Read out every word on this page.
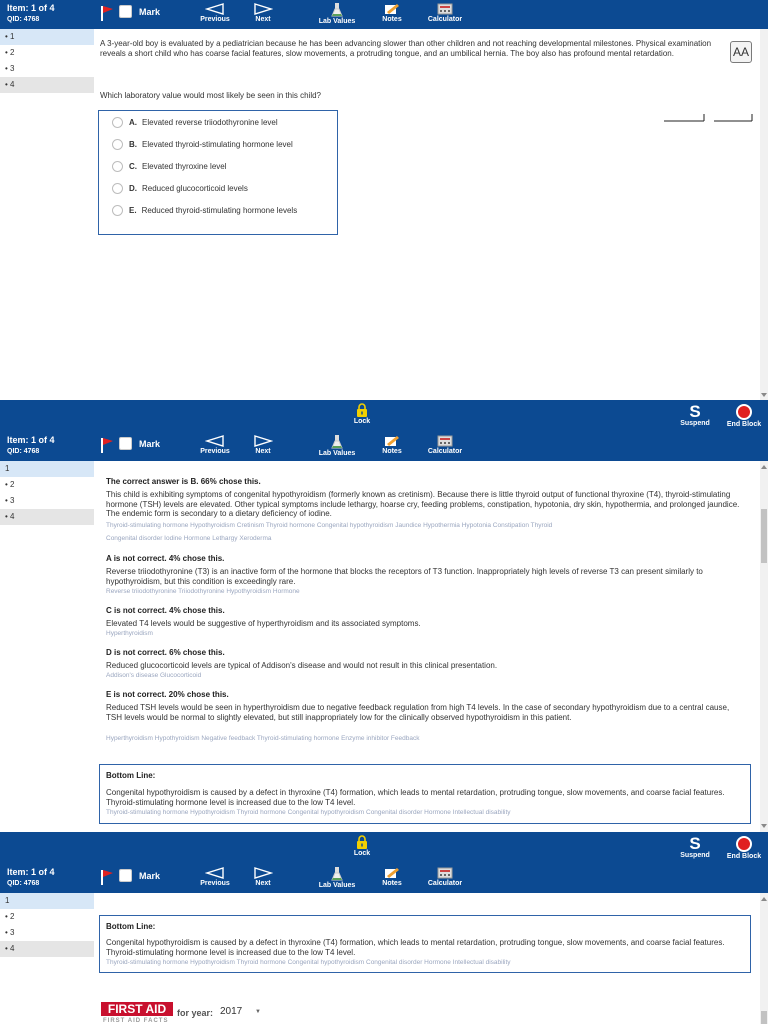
Item: 1 of 4
QID: 4768
Mark
Previous	Next	Lab Values	Notes	Calculator
• 1
• 2
• 3
• 4
A 3-year-old boy is evaluated by a pediatrician because he has been advancing slower than other children and not reaching developmental milestones. Physical examination reveals a short child who has coarse facial features, slow movements, a protruding tongue, and an umbilical hernia. The boy also has profound mental retardation.	AA
Which laboratory value would most likely be seen in this child?
A. Elevated reverse triiodothyronine level
B. Elevated thyroid-stimulating hormone level
C. Elevated thyroxine level
D. Reduced glucocorticoid levels
E. Reduced thyroid-stimulating hormone levels
Lock
S
Suspend	End Block
Item: 1 of 4
QID: 4768
Mark
Previous	Next	Lab Values	Notes	Calculator
1
• 2
• 3
• 4
The correct answer is B. 66% chose this.
This child is exhibiting symptoms of congenital hypothyroidism (formerly known as cretinism). Because there is little thyroid output of functional thyroxine (T4), thyroid-stimulating hormone (TSH) levels are elevated. Other typical symptoms include lethargy, hoarse cry, feeding problems, constipation, hypotonia, dry skin, hypothermia, and prolonged jaundice. The endemic form is secondary to a dietary deficiency of iodine.
Thyroid-stimulating hormone Hypothyroidism Cretinism Thyroid hormone Congenital hypothyroidism Jaundice Hypothermia Hypotonia Constipation Thyroid
Congenital disorder Iodine Hormone Lethargy Xeroderma
A is not correct. 4% chose this.
Reverse triiodothyronine (T3) is an inactive form of the hormone that blocks the receptors of T3 function. Inappropriately high levels of reverse T3 can present similarly to hypothyroidism, but this condition is exceedingly rare.
Reverse triiodothyronine Triiodothyronine Hypothyroidism Hormone
C is not correct. 4% chose this.
Elevated T4 levels would be suggestive of hyperthyroidism and its associated symptoms.
Hyperthyroidism
D is not correct. 6% chose this.
Reduced glucocorticoid levels are typical of Addison's disease and would not result in this clinical presentation.
Addison's disease Glucocorticoid
E is not correct. 20% chose this.
Reduced TSH levels would be seen in hyperthyroidism due to negative feedback regulation from high T4 levels. In the case of secondary hypothyroidism due to a central cause, TSH levels would be normal to slightly elevated, but still inappropriately low for the clinically observed hypothyroidism in this patient.
Hyperthyroidism Hypothyroidism Negative feedback Thyroid-stimulating hormone Enzyme inhibitor Feedback
Bottom Line:
Congenital hypothyroidism is caused by a defect in thyroxine (T4) formation, which leads to mental retardation, protruding tongue, slow movements, and coarse facial features. Thyroid-stimulating hormone level is increased due to the low T4 level.
Thyroid-stimulating hormone Hypothyroidism Thyroid hormone Congenital hypothyroidism Congenital disorder Hormone Intellectual disability
Lock
S
Suspend	End Block
Item: 1 of 4
QID: 4768
Mark
Previous	Next	Lab Values	Notes	Calculator
1
• 2
• 3
• 4
Bottom Line:
Congenital hypothyroidism is caused by a defect in thyroxine (T4) formation, which leads to mental retardation, protruding tongue, slow movements, and coarse facial features. Thyroid-stimulating hormone level is increased due to the low T4 level.
Thyroid-stimulating hormone Hypothyroidism Thyroid hormone Congenital hypothyroidism Congenital disorder Hormone Intellectual disability
FIRST AID
FIRST AID FACTS
for year: 2017 ▼
